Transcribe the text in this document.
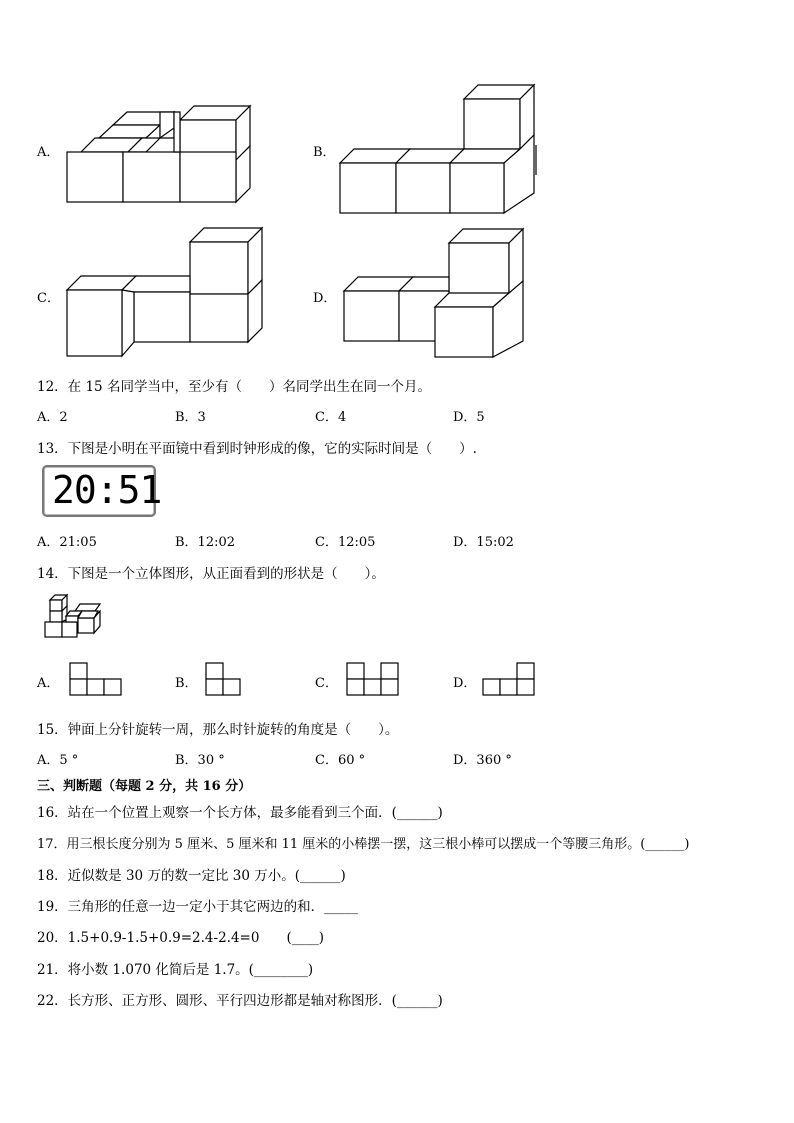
A．	B．
C．	D．
12．在 15 名同学当中，至少有（　　）名同学出生在同一个月。
A．2	B．3	C．4	D．5
13．下图是小明在平面镜中看到时钟形成的像，它的实际时间是（　　）.
20:51
A．21:05	B．12:02	C．12:05	D．15:02
14．下图是一个立体图形，从正面看到的形状是（　　）。
A．	B．	C．	D．
15．钟面上分针旋转一周，那么时针旋转的角度是（　　）。
A．5 °	B．30 °	C．60 °	D．360 °
三、判断题（每题 2 分，共 16 分）
16．站在一个位置上观察一个长方体，最多能看到三个面．(______)
17．用三根长度分别为 5 厘米、5 厘米和 11 厘米的小棒摆一摆，这三根小棒可以摆成一个等腰三角形。(______)
18．近似数是 30 万的数一定比 30 万小。(______)
19．三角形的任意一边一定小于其它两边的和．_____
20．1.5+0.9-1.5+0.9=2.4-2.4=0　　(____)
21．将小数 1.070 化简后是 1.7。(________)
22．长方形、正方形、圆形、平行四边形都是轴对称图形．(______)
